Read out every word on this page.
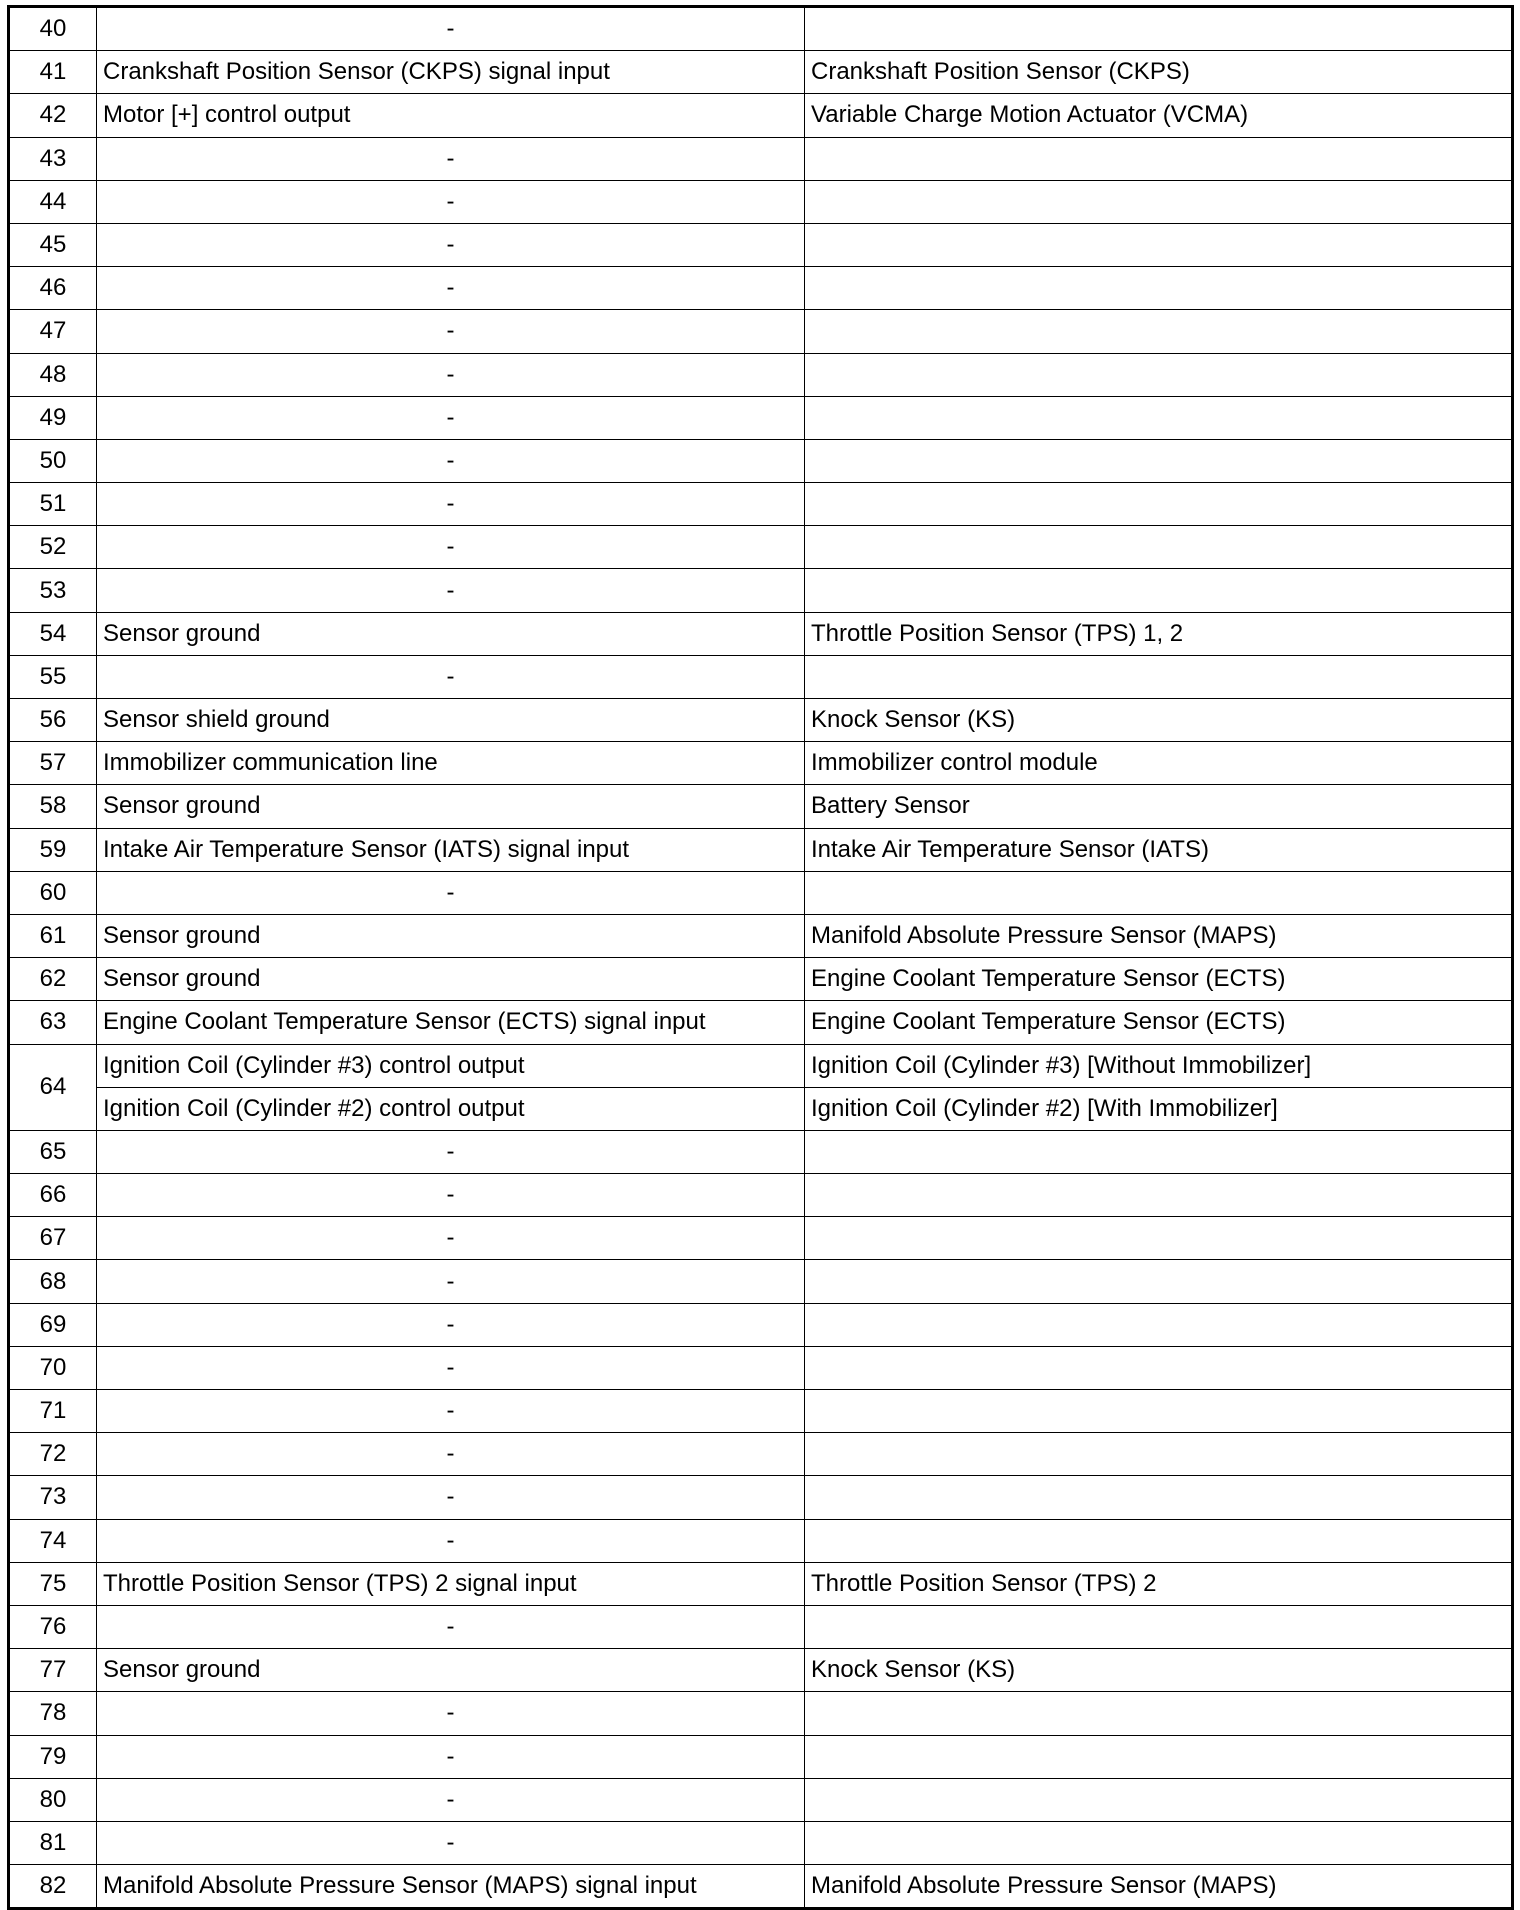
40	-	
41	Crankshaft Position Sensor (CKPS) signal input	Crankshaft Position Sensor (CKPS)
42	Motor [+] control output	Variable Charge Motion Actuator (VCMA)
43	-	
44	-	
45	-	
46	-	
47	-	
48	-	
49	-	
50	-	
51	-	
52	-	
53	-	
54	Sensor ground	Throttle Position Sensor (TPS) 1, 2
55	-	
56	Sensor shield ground	Knock Sensor (KS)
57	Immobilizer communication line	Immobilizer control module
58	Sensor ground	Battery Sensor
59	Intake Air Temperature Sensor (IATS) signal input	Intake Air Temperature Sensor (IATS)
60	-	
61	Sensor ground	Manifold Absolute Pressure Sensor (MAPS)
62	Sensor ground	Engine Coolant Temperature Sensor (ECTS)
63	Engine Coolant Temperature Sensor (ECTS) signal input	Engine Coolant Temperature Sensor (ECTS)
64	Ignition Coil (Cylinder #3) control output	Ignition Coil (Cylinder #3) [Without Immobilizer]
	Ignition Coil (Cylinder #2) control output	Ignition Coil (Cylinder #2) [With Immobilizer]
65	-	
66	-	
67	-	
68	-	
69	-	
70	-	
71	-	
72	-	
73	-	
74	-	
75	Throttle Position Sensor (TPS) 2 signal input	Throttle Position Sensor (TPS) 2
76	-	
77	Sensor ground	Knock Sensor (KS)
78	-	
79	-	
80	-	
81	-	
82	Manifold Absolute Pressure Sensor (MAPS) signal input	Manifold Absolute Pressure Sensor (MAPS)
